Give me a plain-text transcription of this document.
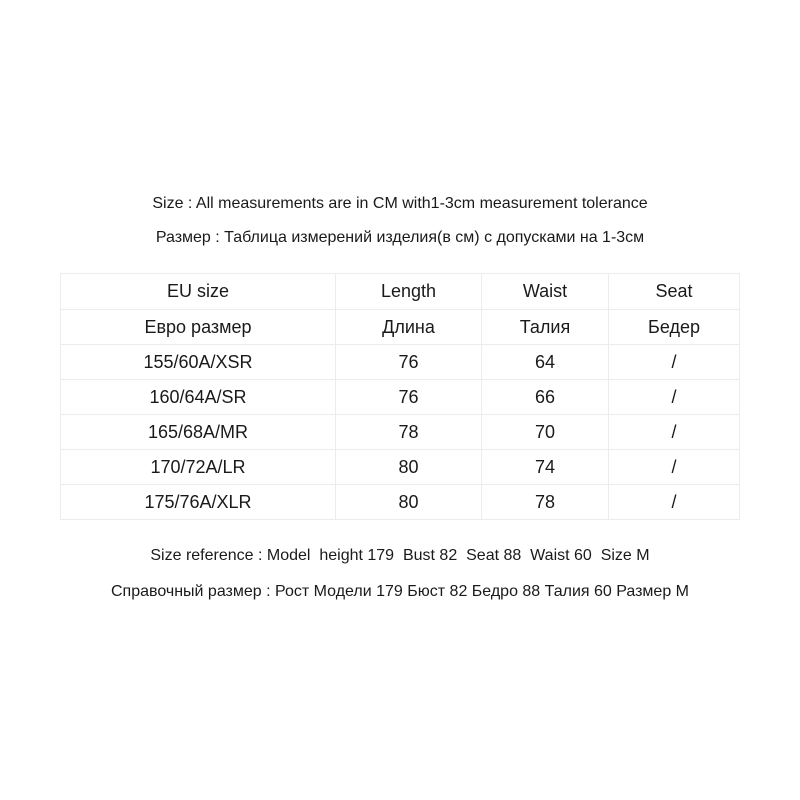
Size : All measurements are in CM with1-3cm measurement tolerance
Размер : Таблица измерений изделия(в см) с допусками на 1-3см
EU size	Length	Waist	Seat
Евро размер	Длина	Талия	Бедер
155/60A/XSR	76	64	/
160/64A/SR	76	66	/
165/68A/MR	78	70	/
170/72A/LR	80	74	/
175/76A/XLR	80	78	/
Size reference : Model  height 179  Bust 82  Seat 88  Waist 60  Size M
Справочный размер : Рост Модели 179 Бюст 82 Бедро 88 Талия 60 Размер M
